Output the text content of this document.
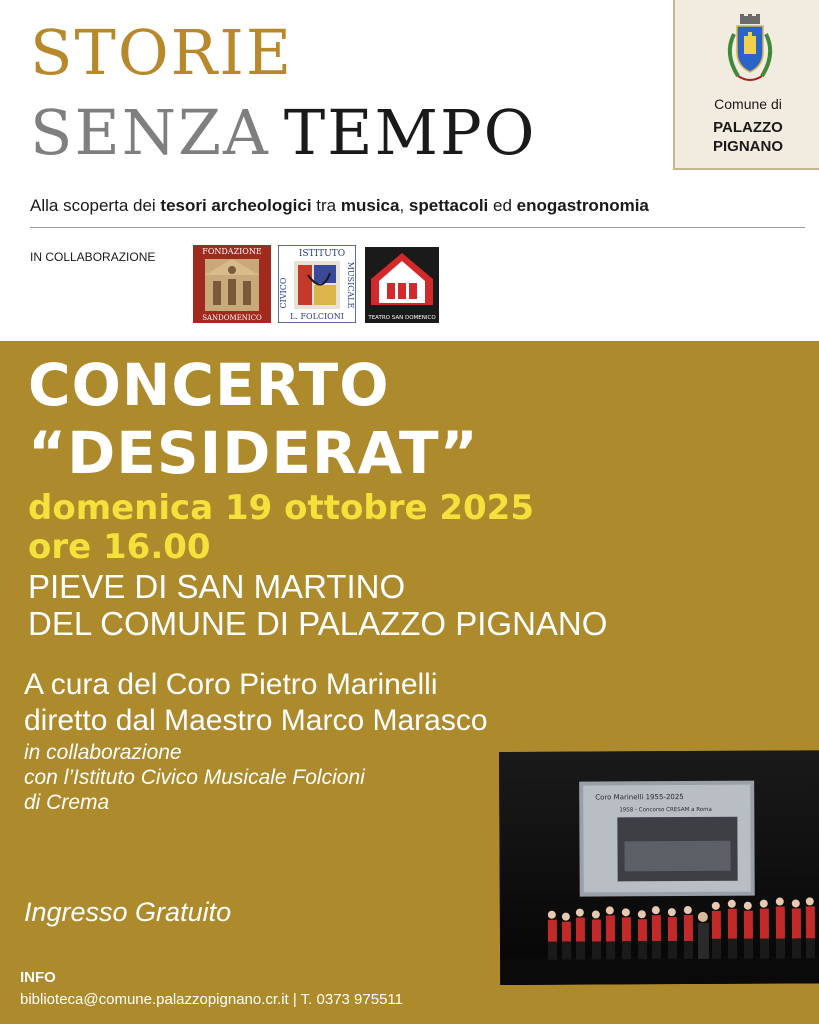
STORIE
SENZA TEMPO
Alla scoperta dei tesori archeologici tra musica, spettacoli ed enogastronomia
Comune di
PALAZZO
PIGNANO
IN COLLABORAZIONE	FONDAZIONE
SANDOMENICO
ISTITUTO
CIVICO	MUSICALE
L. FOLCIONI	TEATRO SAN DOMENICO
CONCERTO
“DESIDERAT”
domenica 19 ottobre 2025
ore 16.00
PIEVE DI SAN MARTINO
DEL COMUNE DI PALAZZO PIGNANO
A cura del Coro Pietro Marinelli
diretto dal Maestro Marco Marasco
in collaborazione
con l’Istituto Civico Musicale Folcioni
di Crema
Ingresso Gratuito
INFO
biblioteca@comune.palazzopignano.cr.it | T. 0373 975511
Coro Marinelli 1955-2025
1958 - Concorso CRESAM a Roma
